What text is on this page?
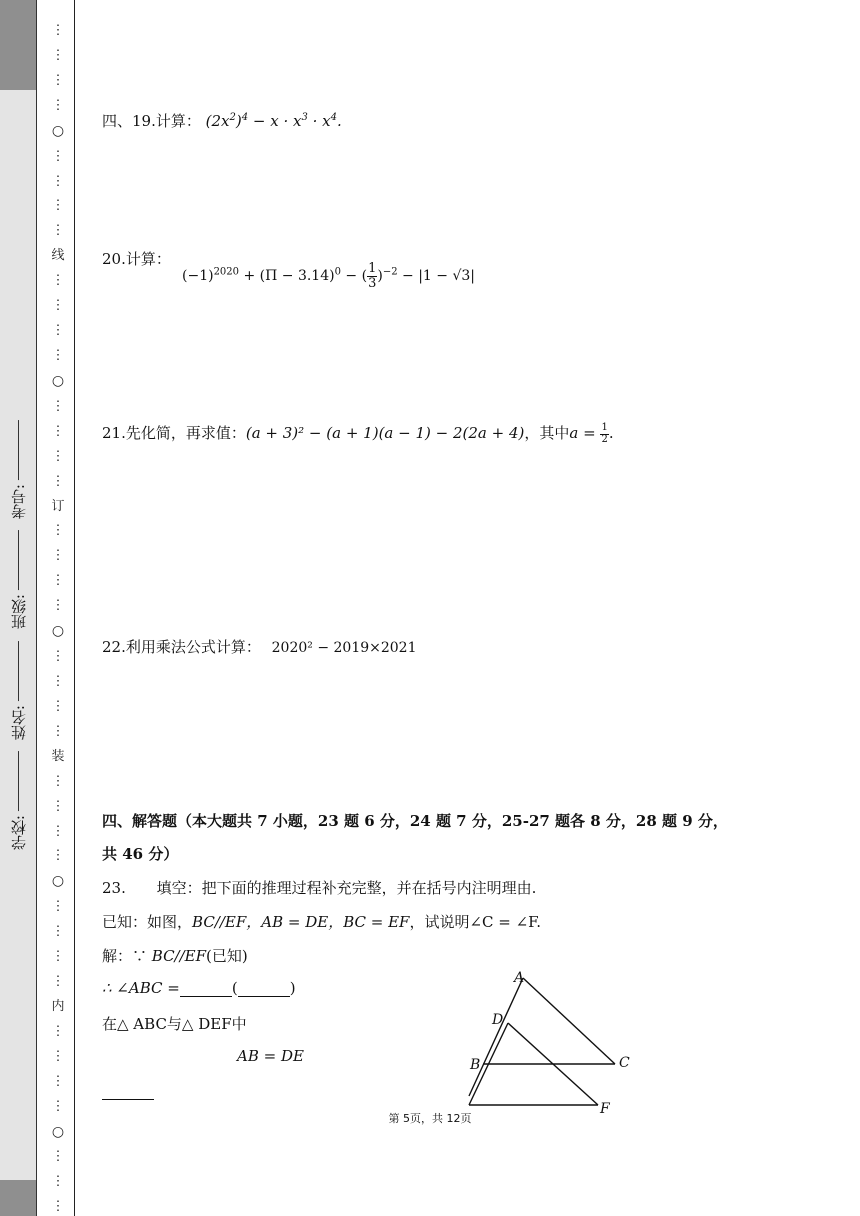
学校:
姓名:
班级:
考号:
⋮
⋮
⋮
⋮
○
⋮
⋮
⋮
⋮
线
⋮
⋮
⋮
⋮
○
⋮
⋮
⋮
⋮
订
⋮
⋮
⋮
⋮
○
⋮
⋮
⋮
⋮
装
⋮
⋮
⋮
⋮
○
⋮
⋮
⋮
⋮
内
⋮
⋮
⋮
⋮
○
⋮
⋮
⋮
四、19.计算： $(2x^2)^4 - x \cdot x^3 \cdot x^4$.
20.计算：
$(-1)^{2020} + (\Pi - 3.14)^0$ − ( $\frac{1}{3} )^{-2} - |1 - √3|$
21.先化简，再求值：(a + 3)² − (a + 1)(a − 1) − 2(2a + 4)，其中$a = \frac{1}{2}$ .
22.利用乘法公式计算： 2020² − 2019×2021
四、解答题（本大题共 7 小题，23 题 6 分，24 题 7 分，25-27 题各 8 分，28 题 9 分，
共 46 分）
23. 填空：把下面的推理过程补充完整，并在括号内注明理由.
已知：如图，BC//EF，AB = DE，BC = EF，试说明∠C = ∠F.
解：∵ BC//EF(已知)
∴ ∠ABC =	(	)
在△ ABC与△ DEF中
AB = DE
A
D
B	C
F
第 5页，共 12页
